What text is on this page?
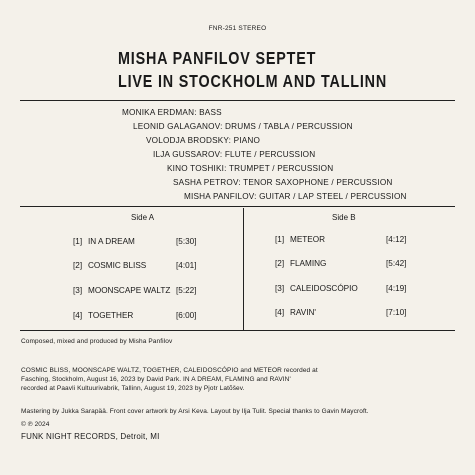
FNR-251 STEREO
MISHA PANFILOV SEPTET
LIVE IN STOCKHOLM AND TALLINN
MONIKA ERDMAN: BASS
LEONID GALAGANOV: DRUMS / TABLA / PERCUSSION
VOLODJA BRODSKY: PIANO
ILJA GUSSAROV: FLUTE / PERCUSSION
KINO TOSHIKI: TRUMPET / PERCUSSION
SASHA PETROV: TENOR SAXOPHONE / PERCUSSION
MISHA PANFILOV: GUITAR / LAP STEEL / PERCUSSION
Side A	Side B
[1] IN A DREAM	[5:30]
[2] COSMIC BLISS	[4:01]
[3] MOONSCAPE WALTZ [5:22]
[4] TOGETHER	[6:00]
[1] METEOR	[4:12]
[2] FLAMING	[5:42]
[3] CALEIDOSCÓPIO	[4:19]
[4] RAVIN'	[7:10]
Composed, mixed and produced by Misha Panfilov
COSMIC BLISS, MOONSCAPE WALTZ, TOGETHER, CALEIDOSCÓPIO and METEOR recorded at
Fasching, Stockholm, August 16, 2023 by David Park. IN A DREAM, FLAMING and RAVIN'
recorded at Paavli Kultuurivabrik, Tallinn, August 19, 2023 by Pjotr Latõšev.
Mastering by Jukka Sarapää. Front cover artwork by Arsi Keva. Layout by Ilja Tulit. Special thanks to Gavin Maycroft.
© ℗ 2024
FUNK NIGHT RECORDS, Detroit, MI
